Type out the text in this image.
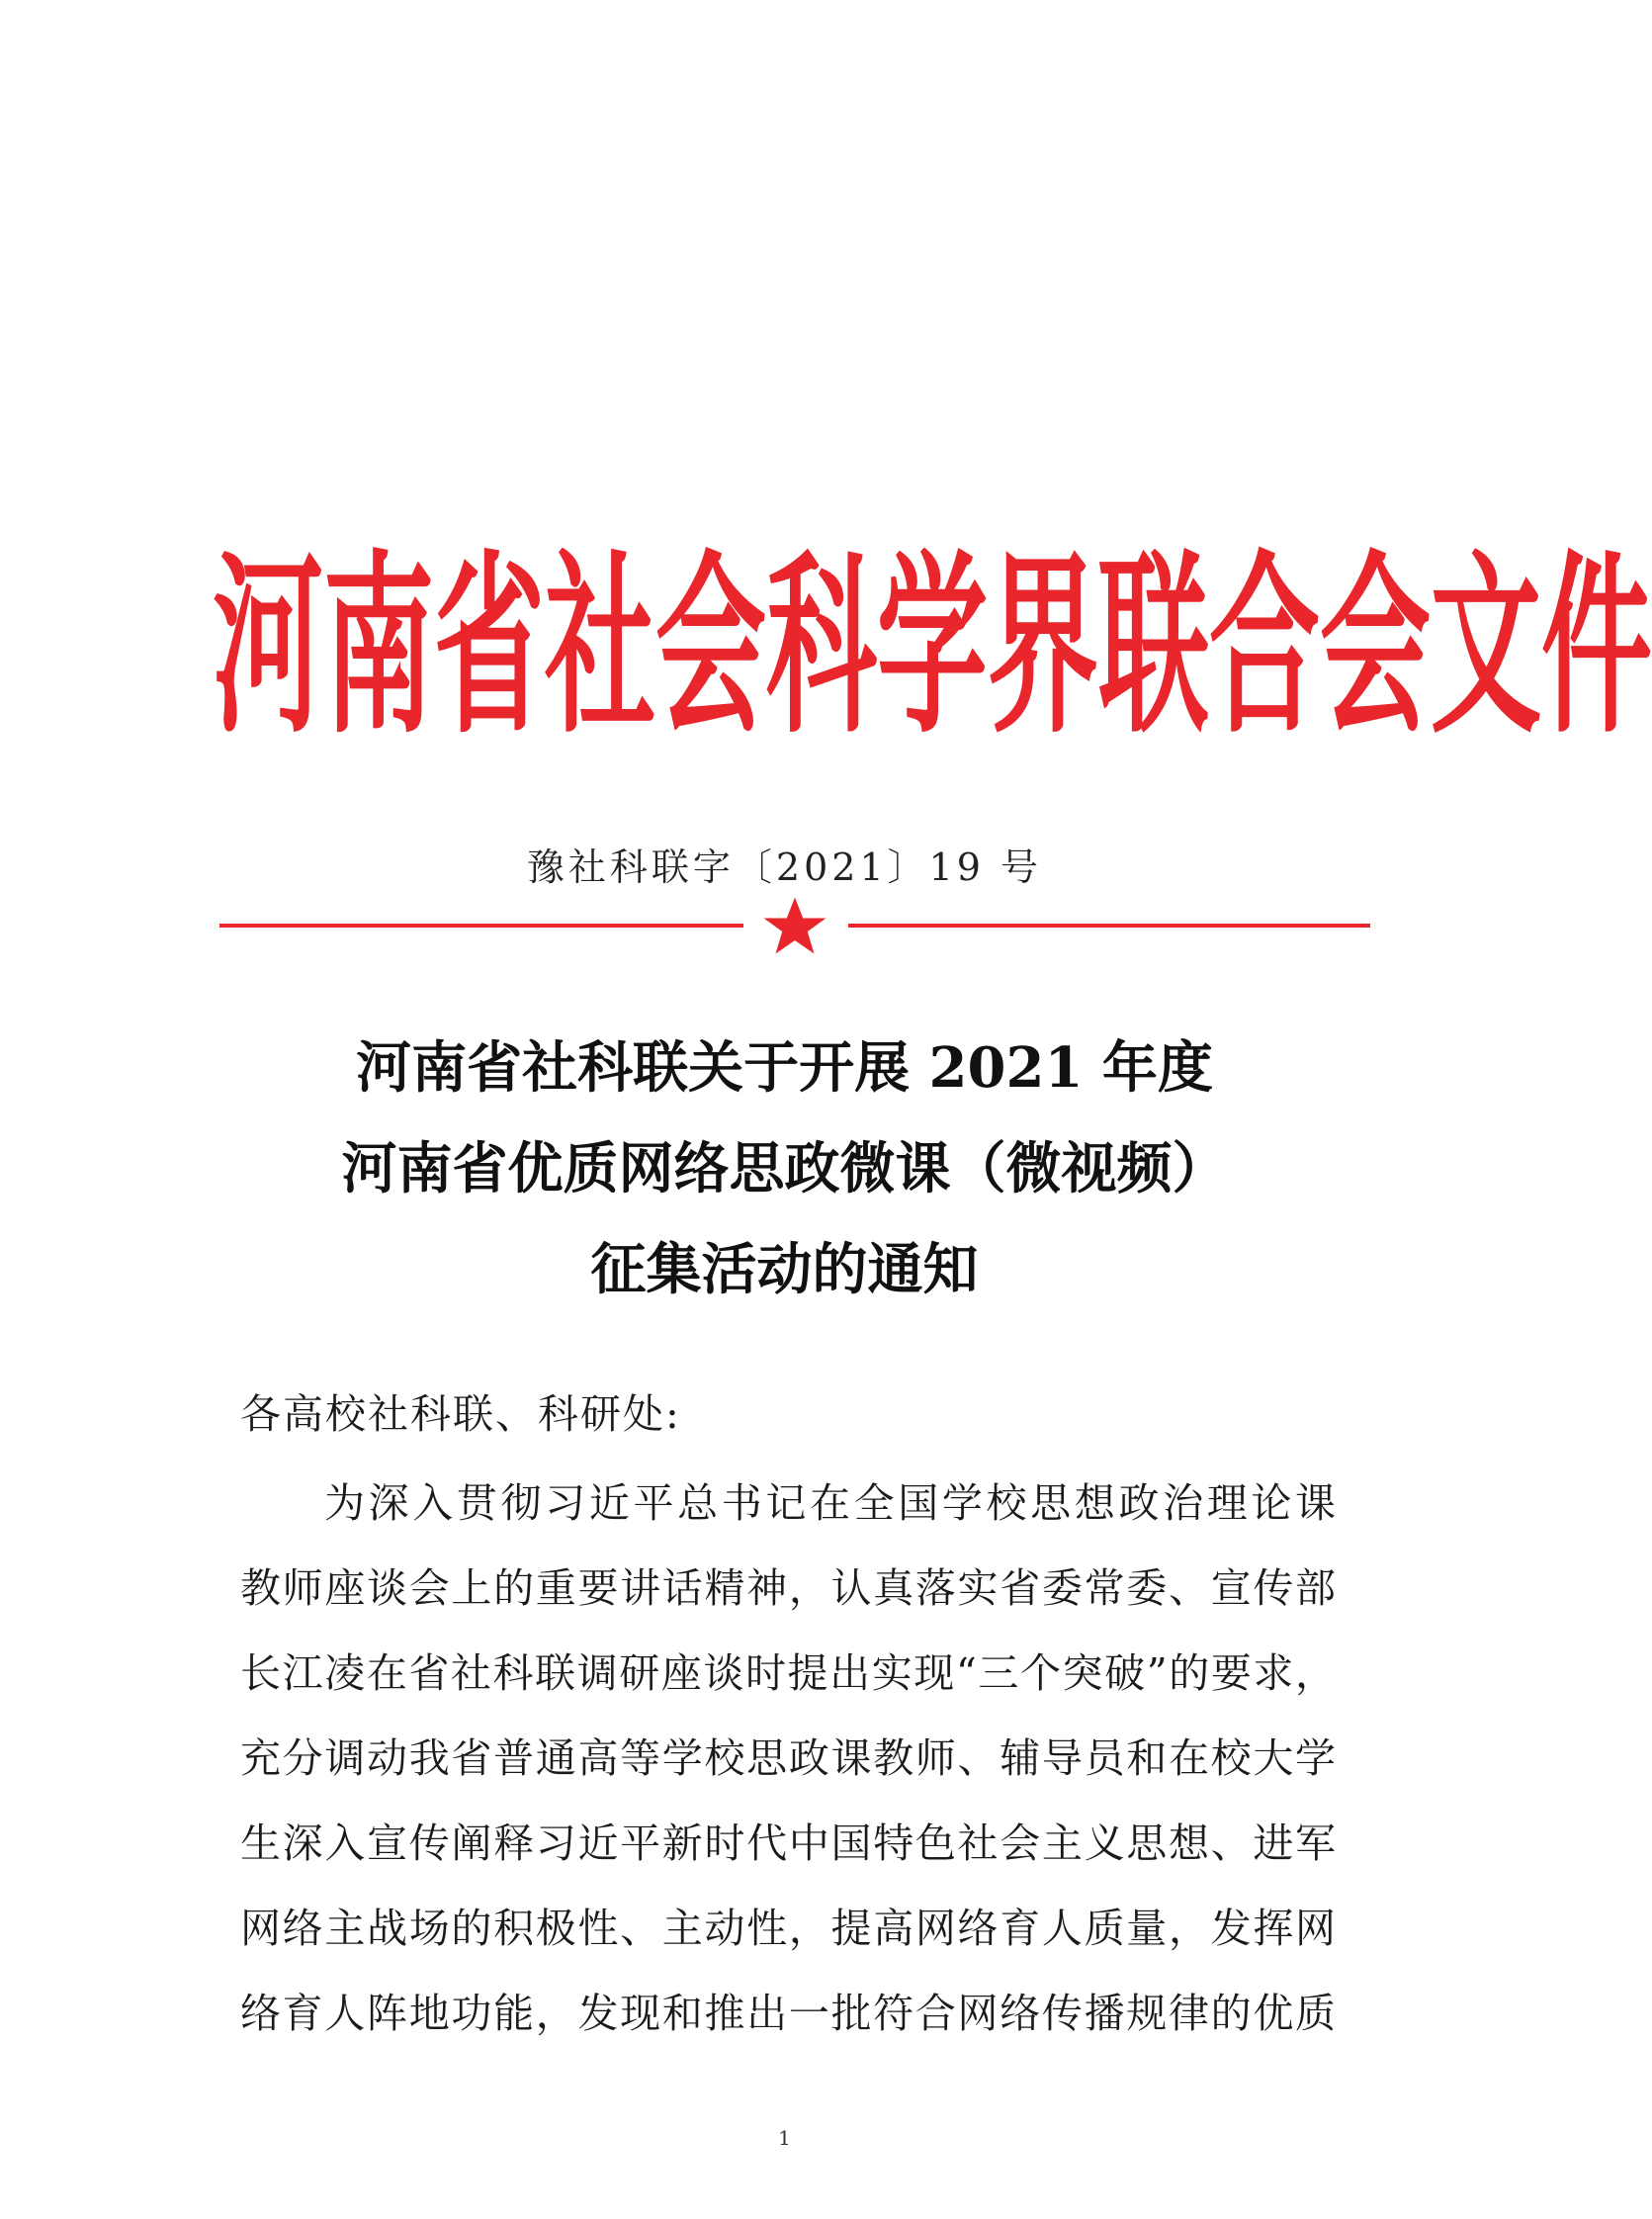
河南省社会科学界联合会文件
豫社科联字〔2021〕19 号
河南省社科联关于开展 2021 年度
河南省优质网络思政微课（微视频）
征集活动的通知
各高校社科联、科研处:
为深入贯彻习近平总书记在全国学校思想政治理论课
教师座谈会上的重要讲话精神，认真落实省委常委、宣传部
长江凌在省社科联调研座谈时提出实现“三个突破”的要求，
充分调动我省普通高等学校思政课教师、辅导员和在校大学
生深入宣传阐释习近平新时代中国特色社会主义思想、进军
网络主战场的积极性、主动性，提高网络育人质量，发挥网
络育人阵地功能，发现和推出一批符合网络传播规律的优质
1
